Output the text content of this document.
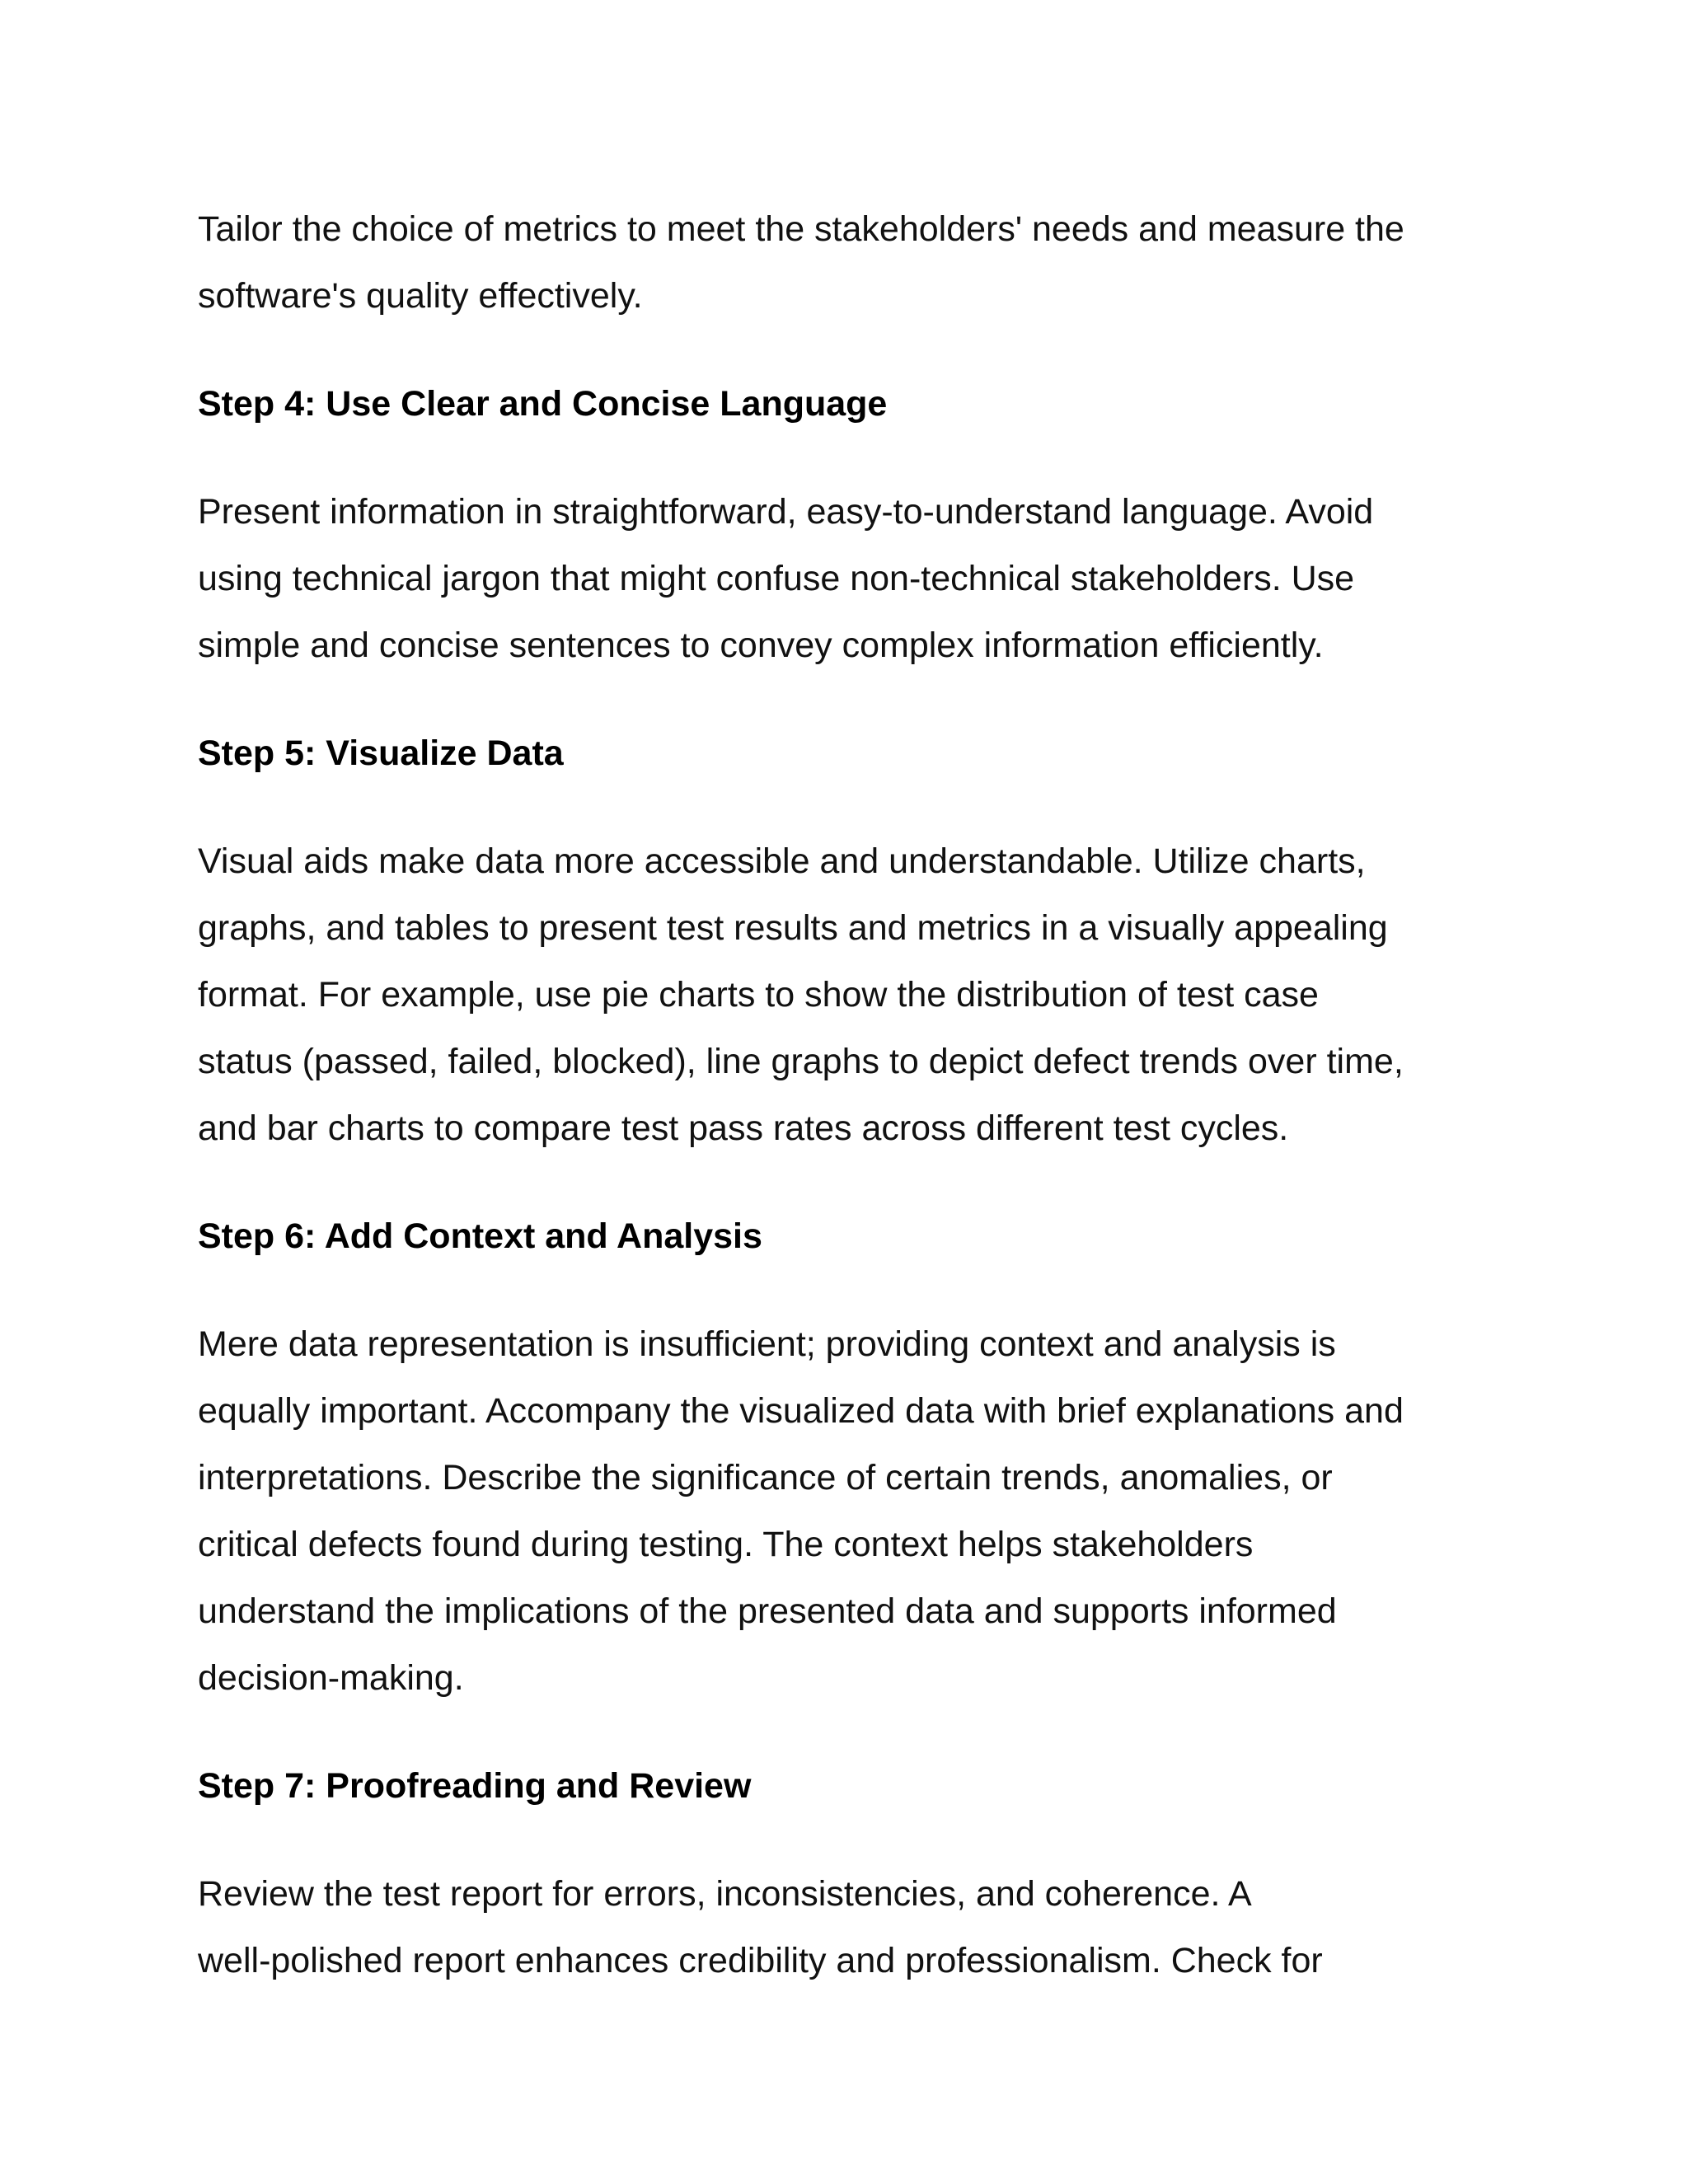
Tailor the choice of metrics to meet the stakeholders' needs and measure the
software's quality effectively.
Step 4: Use Clear and Concise Language
Present information in straightforward, easy-to-understand language. Avoid
using technical jargon that might confuse non-technical stakeholders. Use
simple and concise sentences to convey complex information efficiently.
Step 5: Visualize Data
Visual aids make data more accessible and understandable. Utilize charts,
graphs, and tables to present test results and metrics in a visually appealing
format. For example, use pie charts to show the distribution of test case
status (passed, failed, blocked), line graphs to depict defect trends over time,
and bar charts to compare test pass rates across different test cycles.
Step 6: Add Context and Analysis
Mere data representation is insufficient; providing context and analysis is
equally important. Accompany the visualized data with brief explanations and
interpretations. Describe the significance of certain trends, anomalies, or
critical defects found during testing. The context helps stakeholders
understand the implications of the presented data and supports informed
decision-making.
Step 7: Proofreading and Review
Review the test report for errors, inconsistencies, and coherence. A
well-polished report enhances credibility and professionalism. Check for
